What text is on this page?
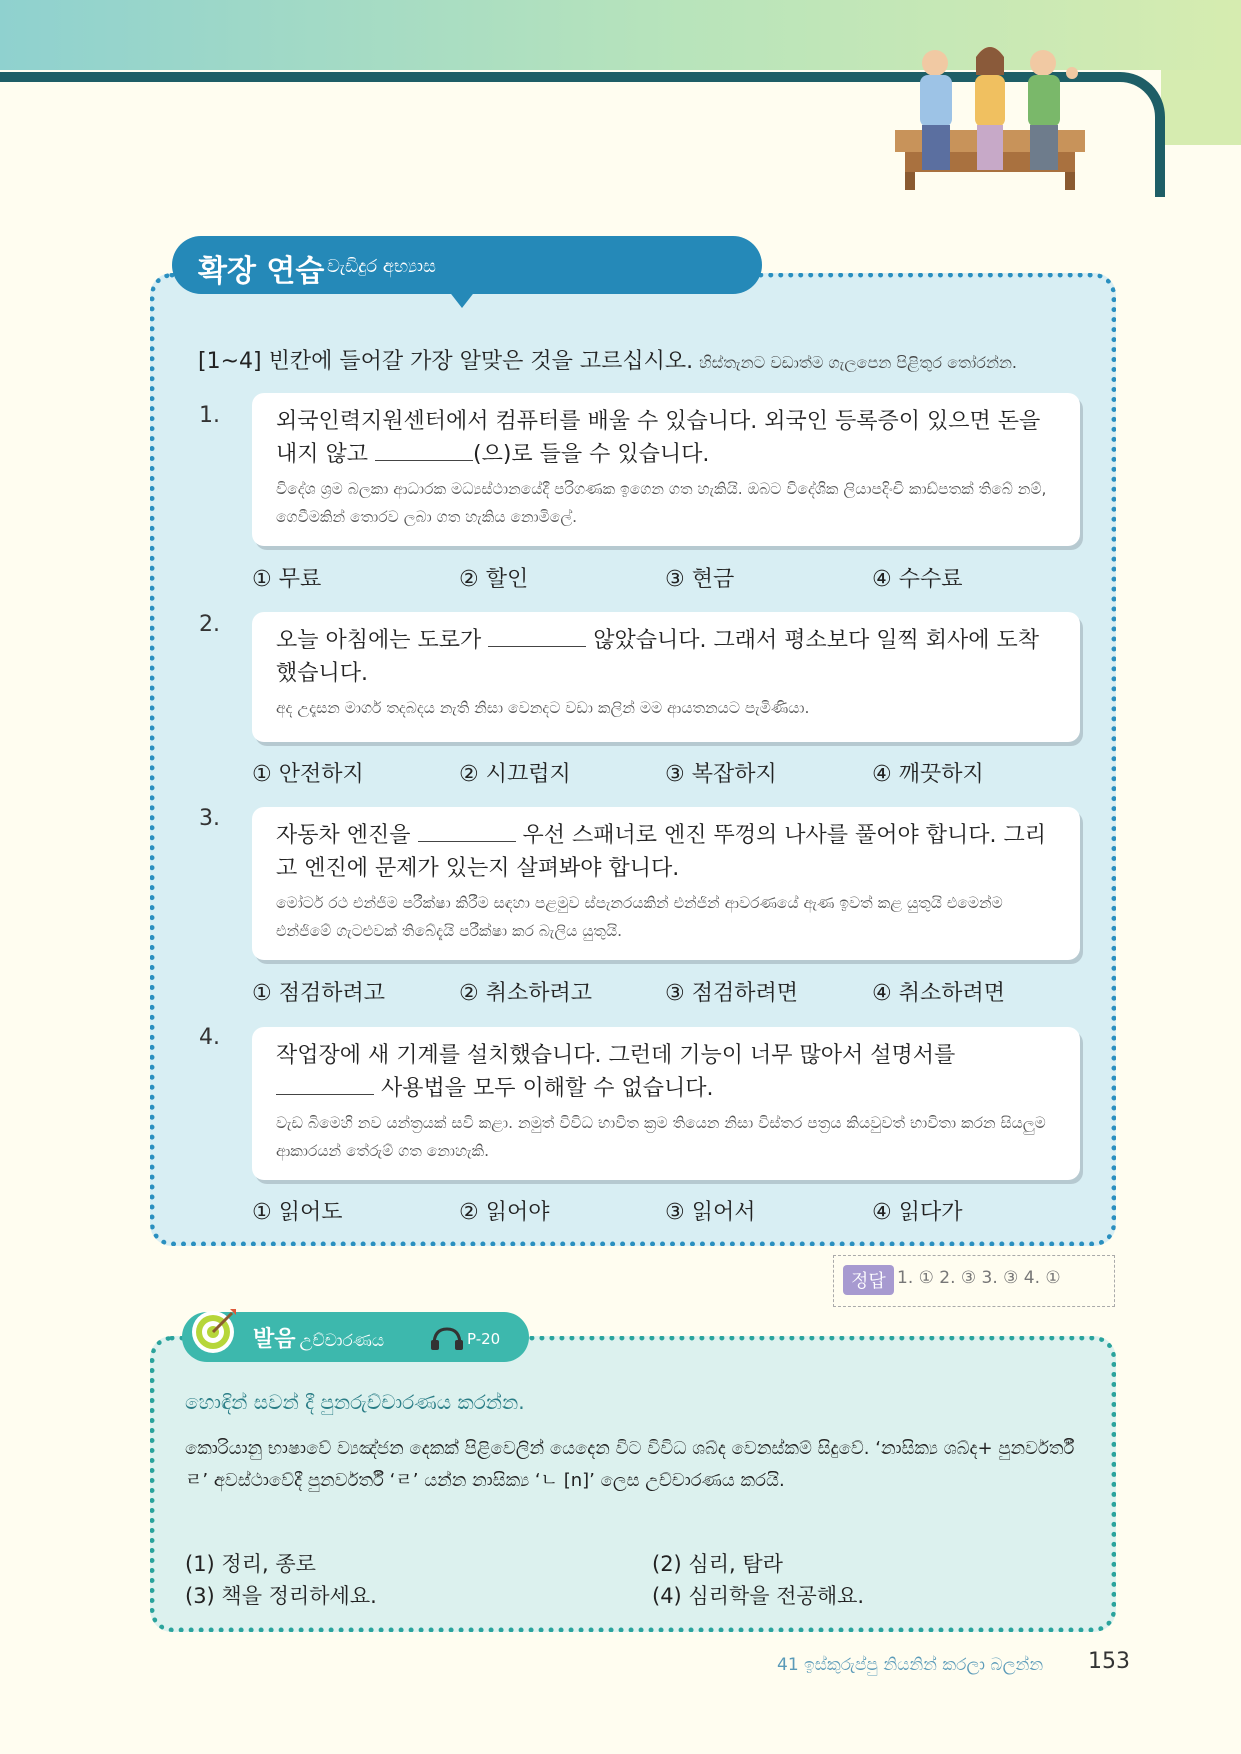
확장 연습 වැඩිදුර අභ්‍යාස
[1~4] 빈칸에 들어갈 가장 알맞은 것을 고르십시오. හිස්තැනට වඩාත්ම ගැලපෙන පිළිතුර තෝරන්න.
1.	외국인력지원센터에서 컴퓨터를 배울 수 있습니다. 외국인 등록증이 있으면 돈을 내지 않고	(으)로 들을 수 있습니다.
විදේශ ශ්‍රම බලකා ආධාරක මධ්‍යස්ථානයේදී පරිගණක ඉගෙන ගත හැකියි. ඔබට විදේශික ලියාපදිංචි කාඩ්පතක් තිබේ නම්, ගෙවීමකින් තොරව ලබා ගත හැකිය නොමිලේ.
① 무료	② 할인	③ 현금	④ 수수료
2.
오늘 아침에는 도로가	않았습니다. 그래서 평소보다 일찍 회사에 도착했습니다.
අද උදෑසන මාර්ග තදබදය නැති නිසා වෙනදට වඩා කලින් මම ආයතනයට පැමිණියා.
① 안전하지	② 시끄럽지	③ 복잡하지	④ 깨끗하지
3.
자동차 엔진을	우선 스패너로 엔진 뚜껑의 나사를 풀어야 합니다. 그리고 엔진에 문제가 있는지 살펴봐야 합니다.
මෝටර් රථ එන්ජිම පරීක්ෂා කිරීම සඳහා පළමුව ස්පැනරයකින් එන්ජින් ආවරණයේ ඇණ ඉවත් කළ යුතුයි එමෙන්ම එන්ජිමේ ගැටළුවක් තිබේදැයි පරීක්ෂා කර බැලිය යුතුයි.
① 점검하려고	② 취소하려고	③ 점검하려면	④ 취소하려면
4.
작업장에 새 기계를 설치했습니다. 그런데 기능이 너무 많아서 설명서를  사용법을 모두 이해할 수 없습니다.
වැඩ බිමෙහි නව යන්ත්‍රයක් සවි කළා. නමුත් විවිධ භාවිත ක්‍රම තියෙන නිසා විස්තර පත්‍රය කියවුවත් භාවිතා කරන සියලුම ආකාරයන් තේරුම් ගත නොහැකි.
① 읽어도	② 읽어야	③ 읽어서	④ 읽다가
정답 1. ① 2. ③ 3. ③ 4. ①
발음 උච්චාරණය	P-20
හොඳින් සවන් දී පුනරුච්චාරණය කරන්න.
කොරියානු භාෂාවේ ව්‍යඤ්ජන දෙකක් පිළිවෙලින් යෙදෙන විට විවිධ ශබ්ද වෙනස්කම් සිදුවේ. ‘නාසික්‍ය ශබ්ද+ පුනර්වර්තී ㄹ’ අවස්ථාවේදී පුනර්වර්තී ‘ㄹ’ යන්න නාසික්‍ය ‘ㄴ [n]’ ලෙස උච්චාරණය කරයි.
(1) 정리, 종로	(2) 심리, 탐라
(3) 책을 정리하세요.	(4) 심리학을 전공해요.
41 ඉස්කුරුප්පු නියනින් කරලා බලන්න 153
